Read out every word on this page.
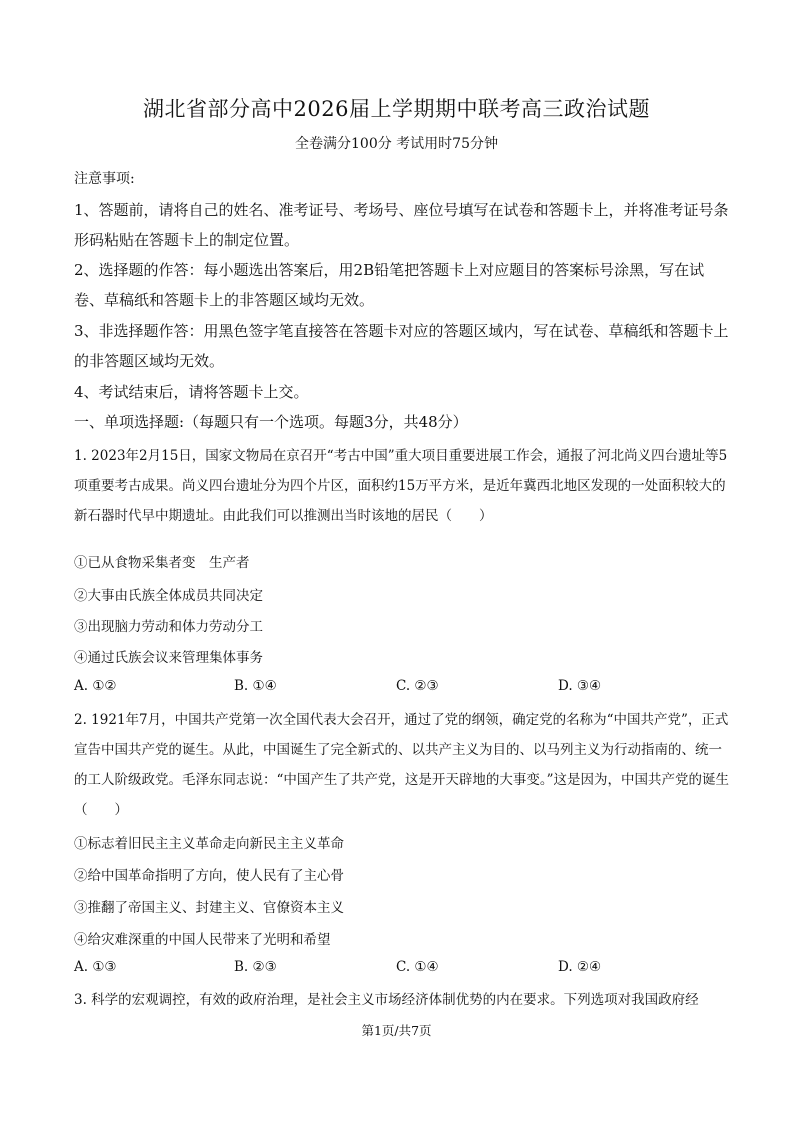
湖北省部分高中2026届上学期期中联考高三政治试题
全卷满分100分 考试用时75分钟
注意事项:
1、答题前，请将自己的姓名、准考证号、考场号、座位号填写在试卷和答题卡上，并将准考证号条形码粘贴在答题卡上的制定位置。
2、选择题的作答：每小题选出答案后，用2B铅笔把答题卡上对应题目的答案标号涂黑，写在试卷、草稿纸和答题卡上的非答题区域均无效。
3、非选择题作答：用黑色签字笔直接答在答题卡对应的答题区域内，写在试卷、草稿纸和答题卡上的非答题区域均无效。
4、考试结束后，请将答题卡上交。
一、单项选择题:（每题只有一个选项。每题3分，共48分）
1. 2023年2月15日，国家文物局在京召开“考古中国”重大项目重要进展工作会，通报了河北尚义四台遗址等5项重要考古成果。尚义四台遗址分为四个片区，面积约15万平方米，是近年冀西北地区发现的一处面积较大的新石器时代早中期遗址。由此我们可以推测出当时该地的居民（　　）
①已从食物采集者变　生产者
②大事由氏族全体成员共同决定
③出现脑力劳动和体力劳动分工
④通过氏族会议来管理集体事务
A. ①②	B. ①④	C. ②③	D. ③④
2. 1921年7月，中国共产党第一次全国代表大会召开，通过了党的纲领，确定党的名称为“中国共产党”，正式宣告中国共产党的诞生。从此，中国诞生了完全新式的、以共产主义为目的、以马列主义为行动指南的、统一的工人阶级政党。毛泽东同志说：“中国产生了共产党，这是开天辟地的大事变。”这是因为，中国共产党的诞生（　　）
①标志着旧民主主义革命走向新民主主义革命
②给中国革命指明了方向，使人民有了主心骨
③推翻了帝国主义、封建主义、官僚资本主义
④给灾难深重的中国人民带来了光明和希望
A. ①③	B. ②③	C. ①④	D. ②④
3. 科学的宏观调控，有效的政府治理，是社会主义市场经济体制优势的内在要求。下列选项对我国政府经
第1页/共7页
